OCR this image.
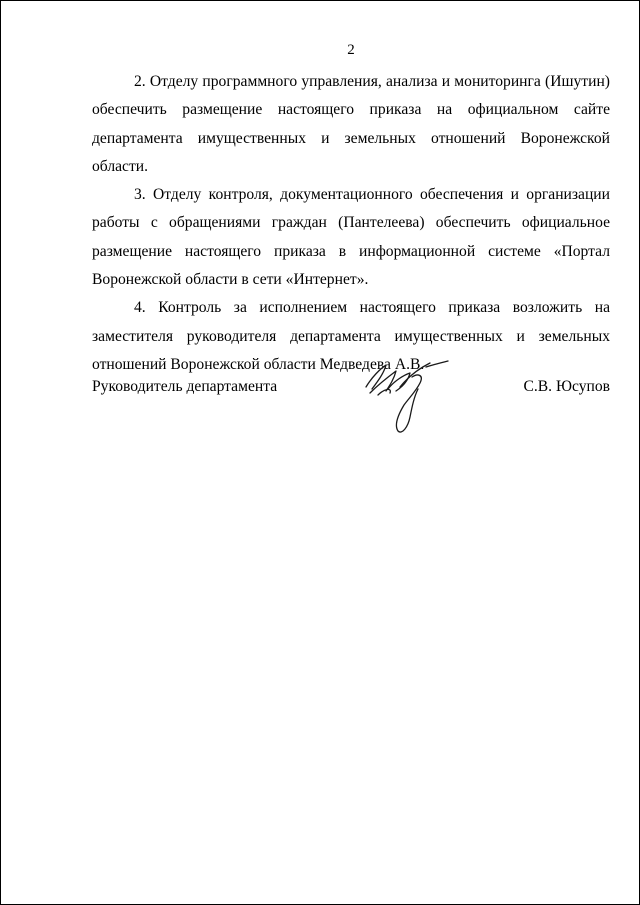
2

2. Отделу программного управления, анализа и мониторинга (Ишутин) обеспечить размещение настоящего приказа на официальном сайте департамента имущественных и земельных отношений Воронежской области.

3. Отделу контроля, документационного обеспечения и организации работы с обращениями граждан (Пантелеева) обеспечить официальное размещение настоящего приказа в информационной системе «Портал Воронежской области в сети «Интернет».

4. Контроль за исполнением настоящего приказа возложить на заместителя руководителя департамента имущественных и земельных отношений Воронежской области Медведева А.В.

Руководитель департамента	С.В. Юсупов
